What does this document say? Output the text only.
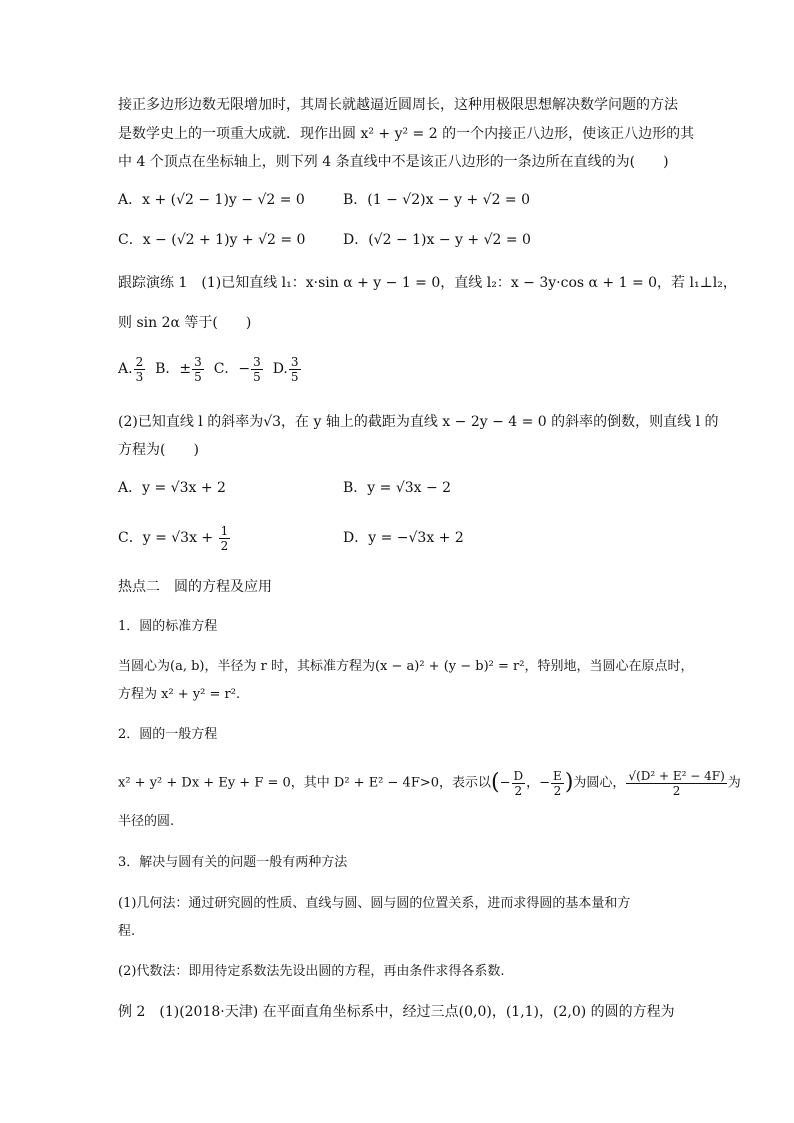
接正多边形边数无限增加时，其周长就越逼近圆周长，这种用极限思想解决数学问题的方法
是数学史上的一项重大成就．现作出圆 x² + y² = 2 的一个内接正八边形，使该正八边形的其
中 4 个顶点在坐标轴上，则下列 4 条直线中不是该正八边形的一条边所在直线的为(　　)
A．x + (√2 − 1)y − √2 = 0	B．(1 − √2)x − y + √2 = 0
C．x − (√2 + 1)y + √2 = 0	D．(√2 − 1)x − y + √2 = 0
跟踪演练 1　(1)已知直线 l₁：x·sin α + y − 1 = 0，直线 l₂：x − 3y·cos α + 1 = 0，若 l₁⊥l₂，
则 sin 2α 等于(　　)
A. $\frac{2}{3}$ B．± $\frac{3}{5}$ C．− $\frac{3}{5} D$. $\frac{3}{5}$
(2)已知直线 l 的斜率为√3，在 y 轴上的截距为直线 x − 2y − 4 = 0 的斜率的倒数，则直线 l 的
方程为(　　)
A．y = √3x + 2	B．y = √3x − 2
C．$y = √3x + \frac{1}{2}$	D．y = −√3x + 2
热点二　圆的方程及应用
1．圆的标准方程
当圆心为(a, b)，半径为 r 时，其标准方程为(x − a)² + (y − b)² = r²，特别地，当圆心在原点时，
方程为 x² + y² = r².
2．圆的一般方程
x² + y² + Dx + Ey + F = 0，其中 D² + E² − 4F>0，表示以(− $\frac{D}{2}$ ，− $\frac{E}{2}$ )为圆心， $\frac{\text{√(D² + E² − 4F)}}{2}$ 为
半径的圆.
3．解决与圆有关的问题一般有两种方法
(1)几何法：通过研究圆的性质、直线与圆、圆与圆的位置关系，进而求得圆的基本量和方
程.
(2)代数法：即用待定系数法先设出圆的方程，再由条件求得各系数.
例 2　(1)(2018·天津) 在平面直角坐标系中，经过三点(0,0)，(1,1)，(2,0) 的圆的方程为
